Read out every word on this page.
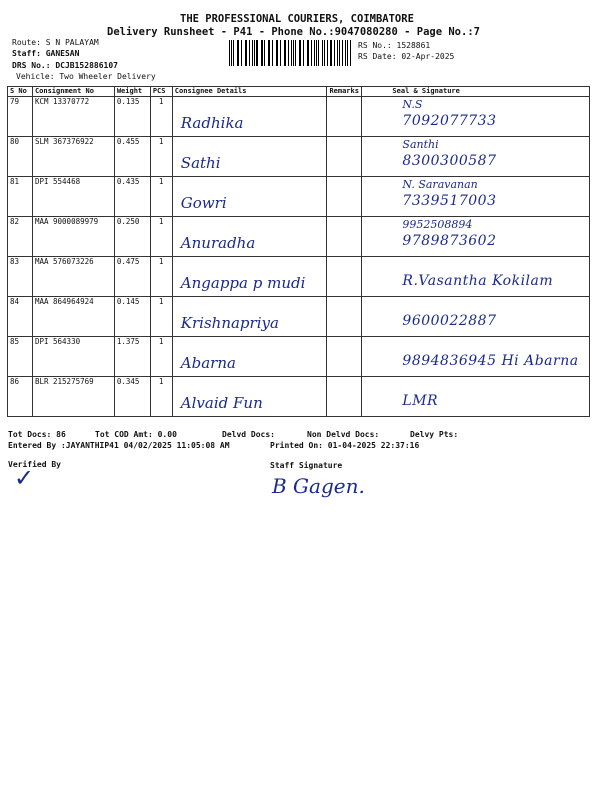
THE PROFESSIONAL COURIERS, COIMBATORE
Delivery Runsheet - P41 - Phone No.:9047080280 - Page No.:7
Route: S N PALAYAM
Staff: GANESAN
DRS No.: DCJB152886107
Vehicle: Two Wheeler Delivery
RS No.: 1528861
RS Date: 02-Apr-2025
S No	Consignment No	Weight	PCS	Consignee Details	Remarks	Seal & Signature
79	KCM 13370772	0.135	1	Radhika		N.S
7092077733

80	SLM 367376922	0.455	1	Sathi		Santhi
8300300587

81	DPI 554468	0.435	1	Gowri		N. Saravanan
7339517003

82	MAA 9000089979	0.250	1	Anuradha		9952508894
9789873602

83	MAA 576073226	0.475	1	Angappa p mudi		R.Vasantha Kokilam

84	MAA 864964924	0.145	1	Krishnapriya		9600022887

85	DPI 564330	1.375	1	Abarna		9894836945 Hi Abarna

86	BLR 215275769	0.345	1	Alvaid Fun		LMR
Tot Docs: 86	Tot COD Amt: 0.00	Delvd Docs:	Non Delvd Docs:	Delvy Pts:
Entered By :JAYANTHIP41 04/02/2025 11:05:08 AM	Printed On: 01-04-2025 22:37:16
Verified By
✓	Staff Signature
B Gagen.
